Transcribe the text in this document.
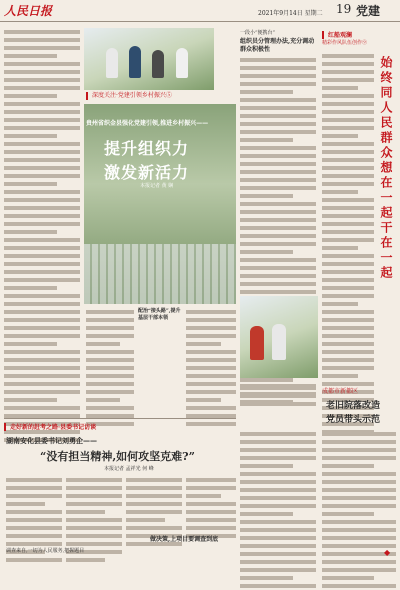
人民日报	2021年9月14日 星期二 19 党建
深度关注·党建引领乡村振兴⑤
贵州省织金县强化党建引领,推进乡村振兴——
提升组织力
激发新活力
本报记者 黄 娴
配治“接头路”,提升基层干部本领
一段小“便携台”
组织员分管理办法,充分调动群众积极性
红船观澜
精彩作风队伍创作⑨
始终同人民群众想在一起干在一起
成都市新都区
老旧院落改造
党员带头示范
走好新的赶考之路·县委书记访谈
湖南安化县委书记刘勇企——
“没有担当精神,如何攻坚克难?”
本报记者 孟祥光 何 峰
做决策,上项目要调查到底
调查来自,一切为人民服务,把握题目	◆
